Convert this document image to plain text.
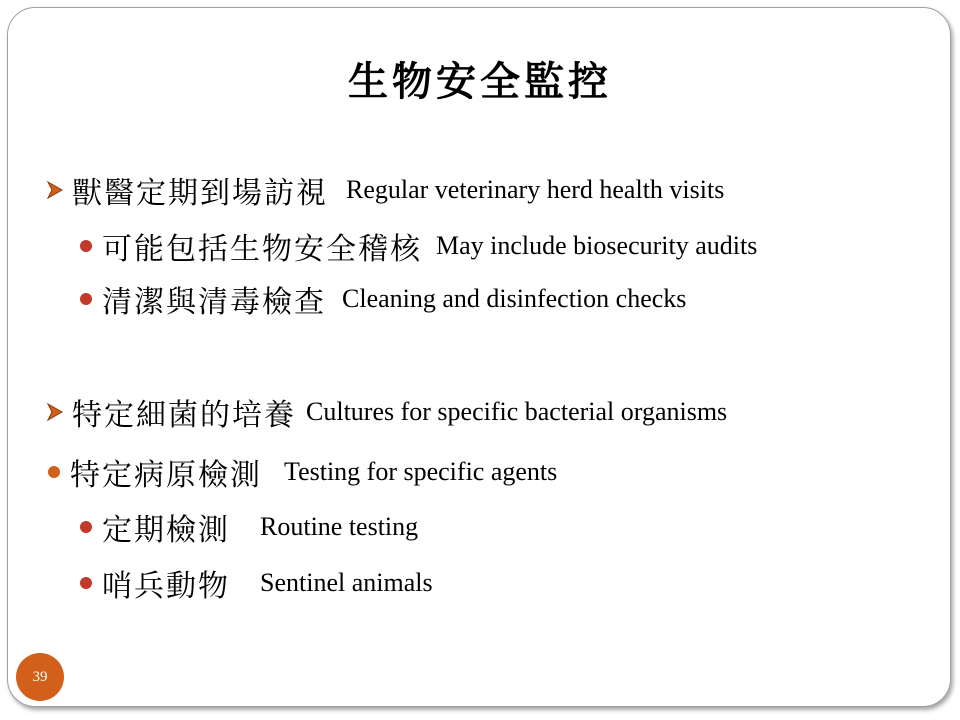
生物安全監控
獸醫定期到場訪視 Regular veterinary herd health visits
可能包括生物安全稽核 May include biosecurity audits
清潔與清毒檢查 Cleaning and disinfection checks
特定細菌的培養 Cultures for specific bacterial organisms
特定病原檢測 Testing for specific agents
定期檢測 Routine testing
哨兵動物 Sentinel animals
39
